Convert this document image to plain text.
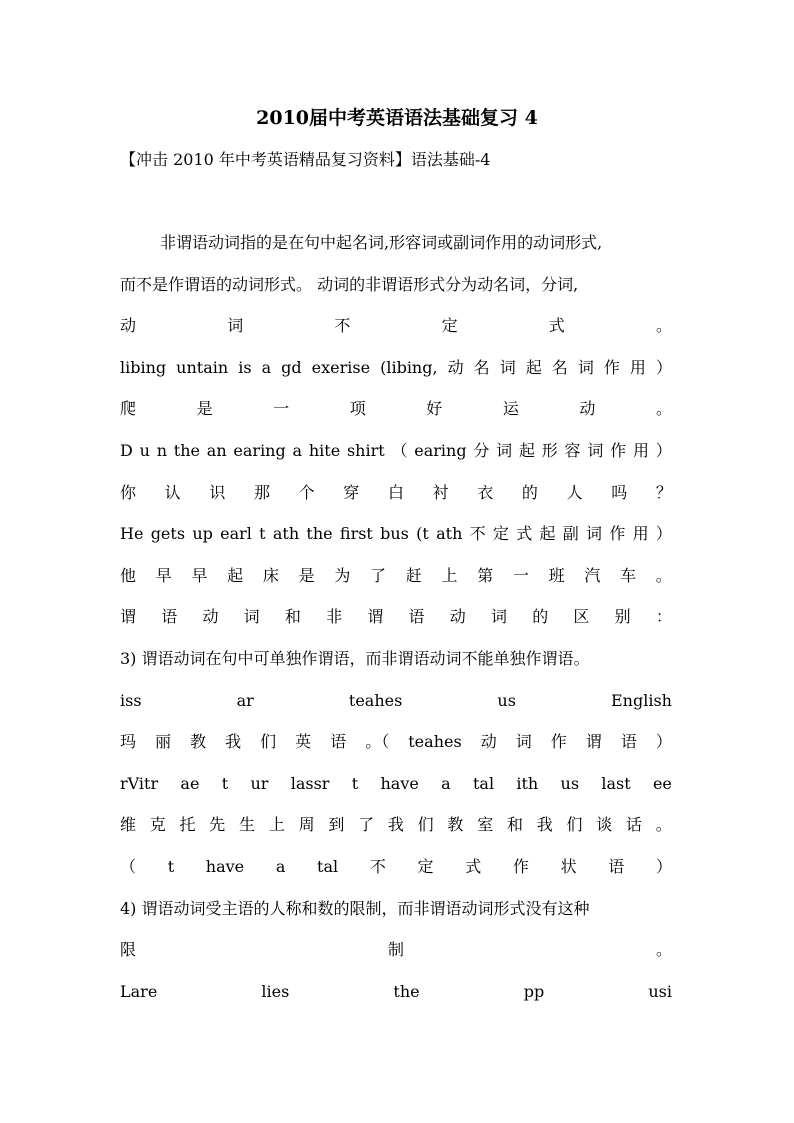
2010届中考英语语法基础复习 4
【冲击 2010 年中考英语精品复习资料】语法基础-4
非谓语动词指的是在句中起名词,形容词或副词作用的动词形式,
而不是作谓语的动词形式。 动词的非谓语形式分为动名词，分词,
动	词	不	定	式	。
libing untain is a gd exerise (libing, 动 名 词 起 名 词 作 用 ）
爬	是	一	项	好	运	动	。
D u n the an earing a hite shirt （ earing 分 词 起 形 容 词 作 用 ）
你 认 识 那 个 穿 白 衬 衣 的 人 吗 ？
He gets up earl t ath the first bus (t ath 不 定 式 起 副 词 作 用 ）
他 早 早 起 床 是 为 了 赶 上 第 一 班 汽 车 。
谓 语 动 词 和 非 谓 语 动 词 的 区 别 ：
3) 谓语动词在句中可单独作谓语，而非谓语动词不能单独作谓语。
iss	ar	teahes	us	English
玛 丽 教 我 们 英 语 。（ teahes 动 词 作 谓 语 ）
rVitr ae t ur lassr t have a tal ith us last ee
维 克 托 先 生 上 周 到 了 我 们 教 室 和 我 们 谈 话 。
（ t have a tal 不 定 式 作 状 语 ）
4) 谓语动词受主语的人称和数的限制，而非谓语动词形式没有这种
限	制	。
Lare	lies	the	pp	usi
